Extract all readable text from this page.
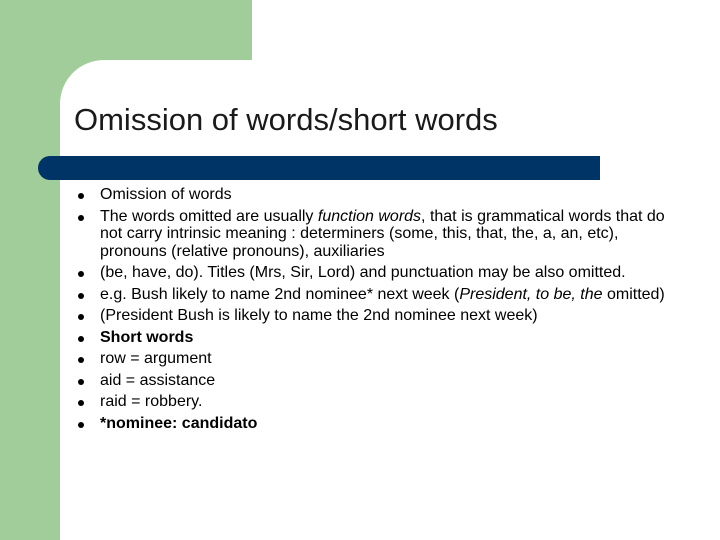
Omission of words/short words
Omission of words
The words omitted are usually function words, that is grammatical words that do not carry intrinsic meaning : determiners (some, this, that, the, a, an, etc), pronouns (relative pronouns), auxiliaries
(be, have, do). Titles (Mrs, Sir, Lord) and punctuation may be also omitted.
e.g. Bush likely to name 2nd nominee* next week (President, to be, the omitted)
(President Bush is likely to name the 2nd nominee next week)
Short words
row = argument
aid = assistance
raid = robbery.
*nominee: candidato
